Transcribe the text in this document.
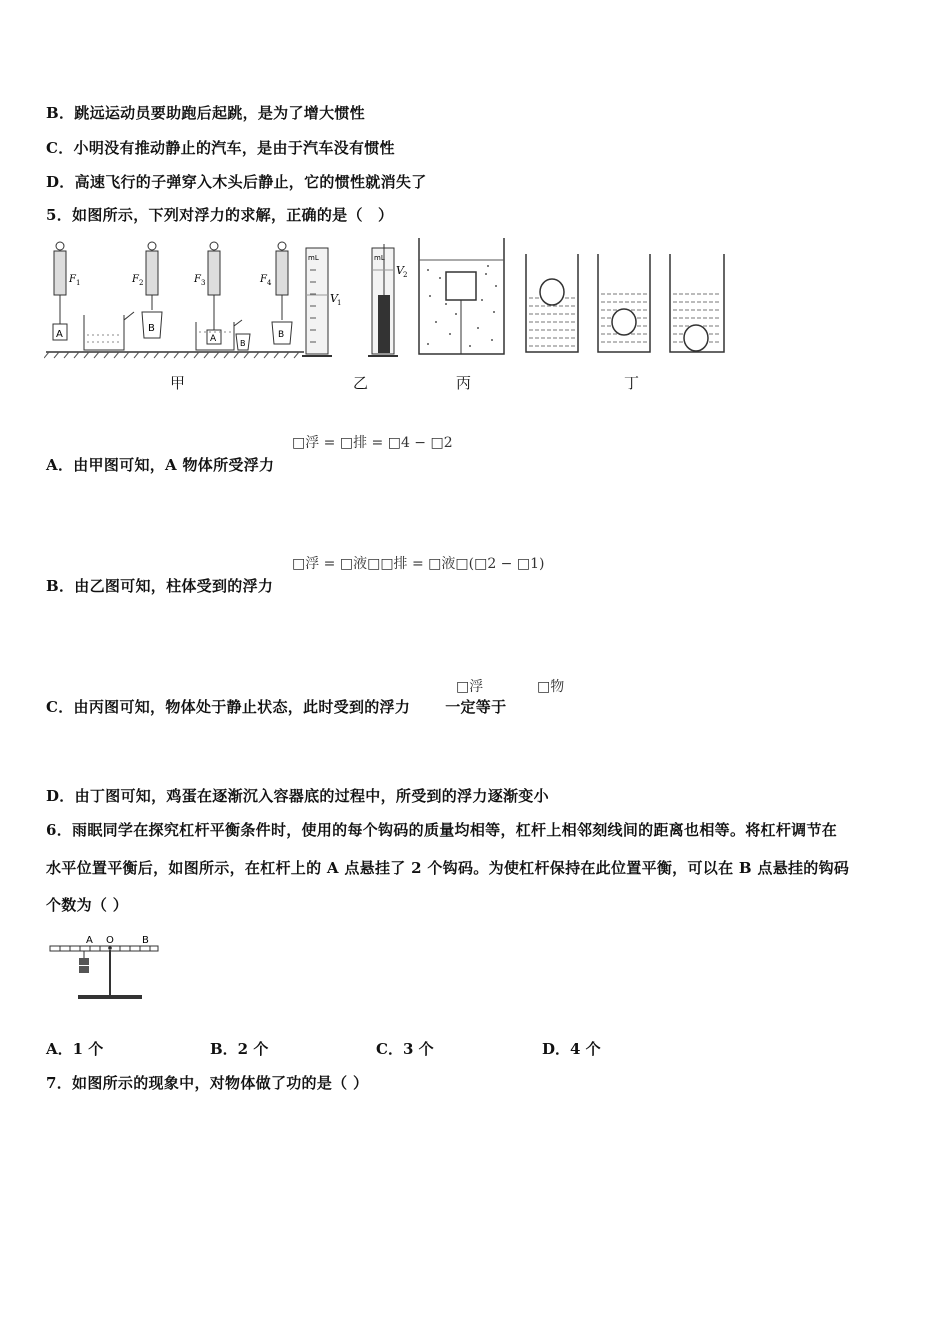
B．跳远运动员要助跑后起跳，是为了增大惯性
C．小明没有推动静止的汽车，是由于汽车没有惯性
D．高速飞行的子弹穿入木头后静止，它的惯性就消失了
5．如图所示，下列对浮力的求解，正确的是（　）
A
F 1
B
F 2
A
F 3
B
B
F 4
mL
V 1
mL
V 2
甲	乙	丙	丁
□浮 = □排 = □4 − □2
A．由甲图可知，A 物体所受浮力
□浮 = □液□□排 = □液□(□2 − □1)
B．由乙图可知，柱体受到的浮力
□浮	□物
C．由丙图可知，物体处于静止状态，此时受到的浮力 一定等于
D．由丁图可知，鸡蛋在逐渐沉入容器底的过程中，所受到的浮力逐渐变小
6．雨眠同学在探究杠杆平衡条件时，使用的每个钩码的质量均相等，杠杆上相邻刻线间的距离也相等。将杠杆调节在
水平位置平衡后，如图所示，在杠杆上的 A 点悬挂了 2 个钩码。为使杠杆保持在此位置平衡，可以在 B 点悬挂的钩码
个数为（ ）
A O	B
A．1 个	B．2 个	C．3 个	D．4 个
7．如图所示的现象中，对物体做了功的是（ ）
